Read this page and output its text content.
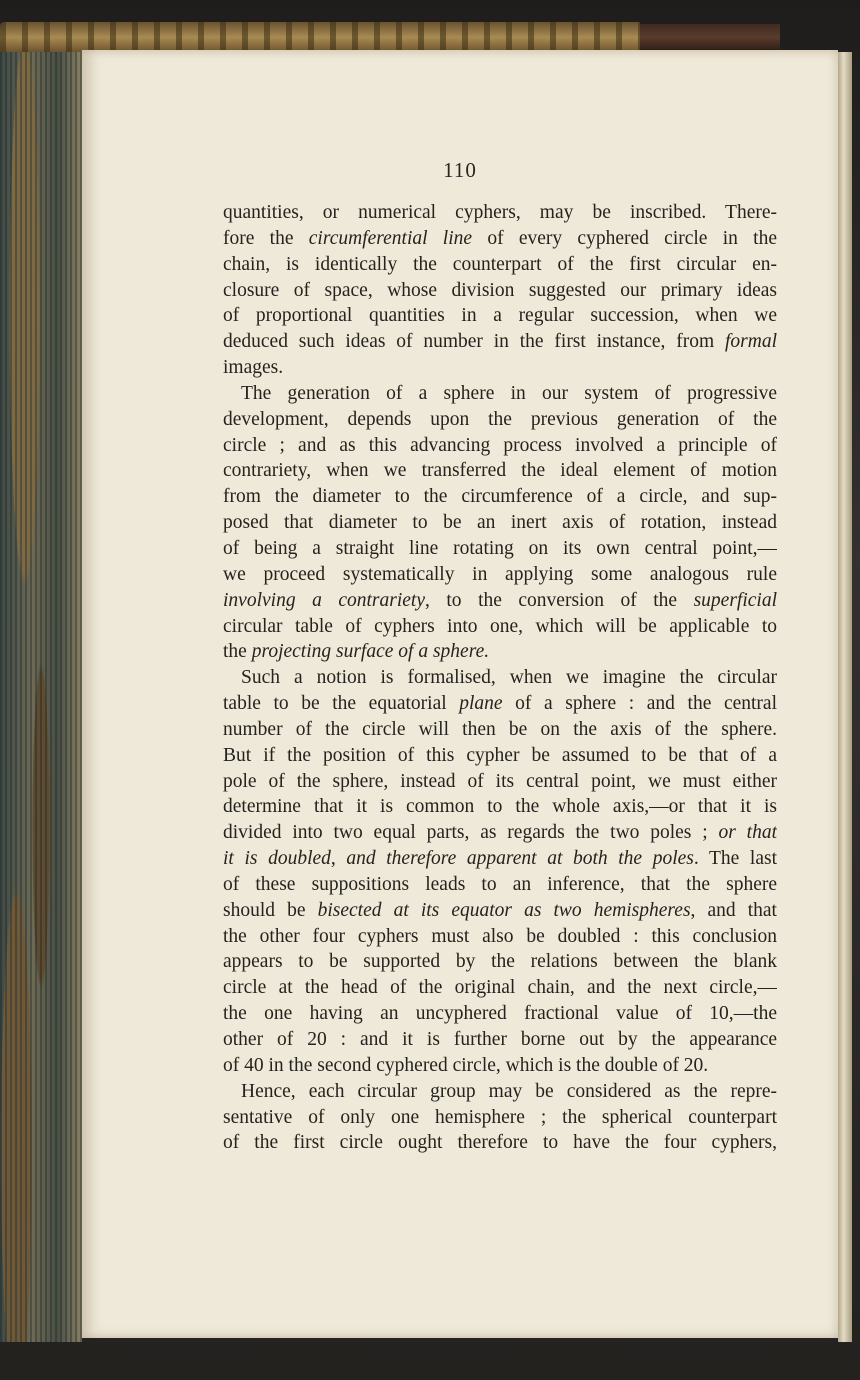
110
quantities, or numerical cyphers, may be inscribed. There-
fore the circumferential line of every cyphered circle in the
chain, is identically the counterpart of the first circular en-
closure of space, whose division suggested our primary ideas
of proportional quantities in a regular succession, when we
deduced such ideas of number in the first instance, from formal
images.
The generation of a sphere in our system of progressive
development, depends upon the previous generation of the
circle ; and as this advancing process involved a principle of
contrariety, when we transferred the ideal element of motion
from the diameter to the circumference of a circle, and sup-
posed that diameter to be an inert axis of rotation, instead
of being a straight line rotating on its own central point,—
we proceed systematically in applying some analogous rule
involving a contrariety, to the conversion of the superficial
circular table of cyphers into one, which will be applicable to
the projecting surface of a sphere.
Such a notion is formalised, when we imagine the circular
table to be the equatorial plane of a sphere : and the central
number of the circle will then be on the axis of the sphere.
But if the position of this cypher be assumed to be that of a
pole of the sphere, instead of its central point, we must either
determine that it is common to the whole axis,—or that it is
divided into two equal parts, as regards the two poles ; or that
it is doubled, and therefore apparent at both the poles. The last
of these suppositions leads to an inference, that the sphere
should be bisected at its equator as two hemispheres, and that
the other four cyphers must also be doubled : this conclusion
appears to be supported by the relations between the blank
circle at the head of the original chain, and the next circle,—
the one having an uncyphered fractional value of 10,—the
other of 20 : and it is further borne out by the appearance
of 40 in the second cyphered circle, which is the double of 20.
Hence, each circular group may be considered as the repre-
sentative of only one hemisphere ; the spherical counterpart
of the first circle ought therefore to have the four cyphers,
